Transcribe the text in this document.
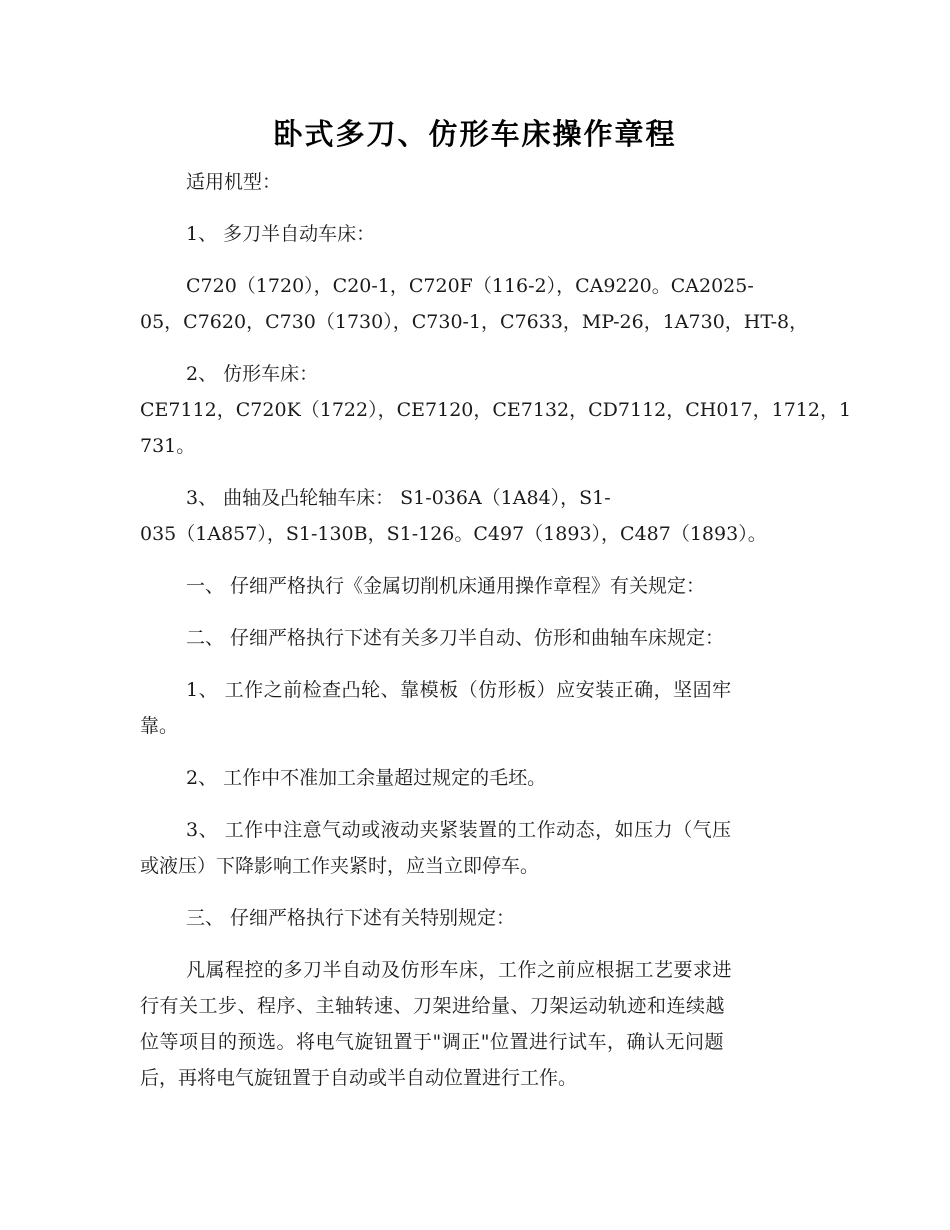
卧式多刀、仿形车床操作章程
适用机型：
1、 多刀半自动车床：
C720（1720），C20-1，C720F（116-2），CA9220。CA2025-
05，C7620，C730（1730），C730-1，C7633，MP-26，1A730，HT-8，
2、 仿形车床：
CE7112，C720K（1722），CE7120，CE7132，CD7112，CH017，1712，1
731。
3、 曲轴及凸轮轴车床： S1-036A（1A84），S1-
035（1A857），S1-130B，S1-126。C497（1893），C487（1893）。
一、 仔细严格执行《金属切削机床通用操作章程》有关规定：
二、 仔细严格执行下述有关多刀半自动、仿形和曲轴车床规定：
1、 工作之前检查凸轮、靠模板（仿形板）应安装正确，坚固牢
靠。
2、 工作中不准加工余量超过规定的毛坯。
3、 工作中注意气动或液动夹紧装置的工作动态，如压力（气压
或液压）下降影响工作夹紧时，应当立即停车。
三、 仔细严格执行下述有关特别规定：
凡属程控的多刀半自动及仿形车床，工作之前应根据工艺要求进
行有关工步、程序、主轴转速、刀架进给量、刀架运动轨迹和连续越
位等项目的预选。将电气旋钮置于"调正"位置进行试车，确认无问题
后，再将电气旋钮置于自动或半自动位置进行工作。
